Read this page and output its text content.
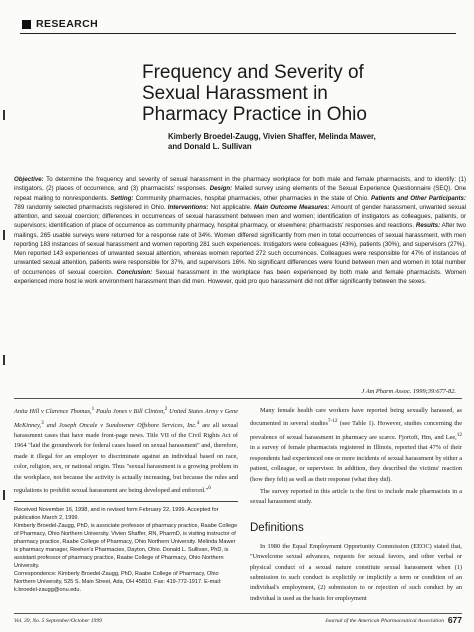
RESEARCH
Frequency and Severity of
Sexual Harassment in
Pharmacy Practice in Ohio
Kimberly Broedel-Zaugg, Vivien Shaffer, Melinda Mawer,
and Donald L. Sullivan
Objective: To determine the frequency and severity of sexual harassment in the pharmacy workplace for both male and female pharmacists, and to identify: (1) instigators, (2) places of occurrence, and (3) pharmacists' responses. Design: Mailed survey using elements of the Sexual Experience Questionnaire (SEQ). One repeat mailing to nonrespondents. Setting: Community pharmacies, hospital pharmacies, other pharmacies in the state of Ohio. Patients and Other Participants: 789 randomly selected pharmacists registered in Ohio. Interventions: Not applicable. Main Outcome Measures: Amount of gender harassment, unwanted sexual attention, and sexual coercion; differences in occurrences of sexual harassment between men and women; identification of instigators as colleagues, patients, or supervisors; identification of place of occurrence as community pharmacy, hospital pharmacy, or elsewhere; pharmacists' responses and reactions. Results: After two mailings, 265 usable surveys were returned for a response rate of 34%. Women differed significantly from men in total occurrences of sexual harassment, with men reporting 183 instances of sexual harassment and women reporting 281 such experiences. Instigators were colleagues (43%), patients (30%), and supervisors (27%). Men reported 143 experiences of unwanted sexual attention, whereas women reported 272 such occurrences. Colleagues were responsible for 47% of instances of unwanted sexual attention, patients were responsible for 37%, and supervisors 16%. No significant differences were found between men and women in total number of occurrences of sexual coercion. Conclusion: Sexual harassment in the workplace has been experienced by both male and female pharmacists. Women experienced more host le work environment harassment than did men. However, quid pro quo harassment did not differ significantly between the sexes.
J Am Pharm Assoc. 1999;39:677-82.
Anita Hill v Clarence Thomas,$^1$ Paula Jones v Bill Clinton,$^2$ United States Army v Gene McKinney,$^3$ and Joseph Oncale v Sundowner Offshore Services, Inc.$^4$ are all sexual harassment cases that have made front-page news. Title VII of the Civil Rights Act of 1964 "laid the groundwork for federal cases based on sexual harassment" and, therefore, made it illegal for an employer to discriminate against an individual based on race, color, religion, sex, or national origin. Thus "sexual harassment is a growing problem in the workplace, not because the activity is actually increasing, but because the rules and regulations to prohibit sexual harassment are being developed and enforced."$^6$

Received November 16, 1998, and in revised form February 22, 1999. Accepted for publication March 2, 1999.

Kimberly Broedel-Zaugg, PhD, is associate professor of pharmacy practice, Raabe College of Pharmacy, Ohio Northern University. Vivien Shaffer, RN, PharmD, is visiting instructor of pharmacy practice, Raabe College of Pharmacy, Ohio Northern University. Melinda Mawer is pharmacy manager, Reehen's Pharmacies, Dayton, Ohio. Donald L. Sullivan, PhD, is assistant professor of pharmacy practice, Raabe College of Pharmacy, Ohio Northern University.

Correspondence: Kimberly Broedel-Zaugg, PhD, Raabe College of Pharmacy, Ohio Northern University, 525 S. Main Street, Ada, OH 45810. Fax: 419-772-1917. E-mail: k.broedel-zaugg@onu.edu.

Many female health care workers have reported being sexually harassed, as documented in several studies$^{7-12}$ (see Table 1). However, studies concerning the prevalence of sexual harassment in pharmacy are scarce. Fjortoft, Hm, and Lee,$^{12}$ in a survey of female pharmacists registered in Illinois, reported that 47% of their respondents had experienced one or more incidents of sexual harassment by either a patient, colleague, or supervisor. In addition, they described the victims' reaction (how they felt) as well as their response (what they did).

The survey reported in this article is the first to include male pharmacists in a sexual harassment study.

Definitions

In 1980 the Equal Employment Opportunity Commission (EEOC) stated that, "Unwelcome sexual advances, requests for sexual favors, and other verbal or physical conduct of a sexual nature constitute sexual harassment when (1) submission to such conduct is explicitly or implicitly a term or condition of an individual's employment, (2) submission to or rejection of such conduct by an individual is used as the basis for employment

Vol. 39, No. 5 September/October 1999	Journal of the American Pharmaceutical Association 677
